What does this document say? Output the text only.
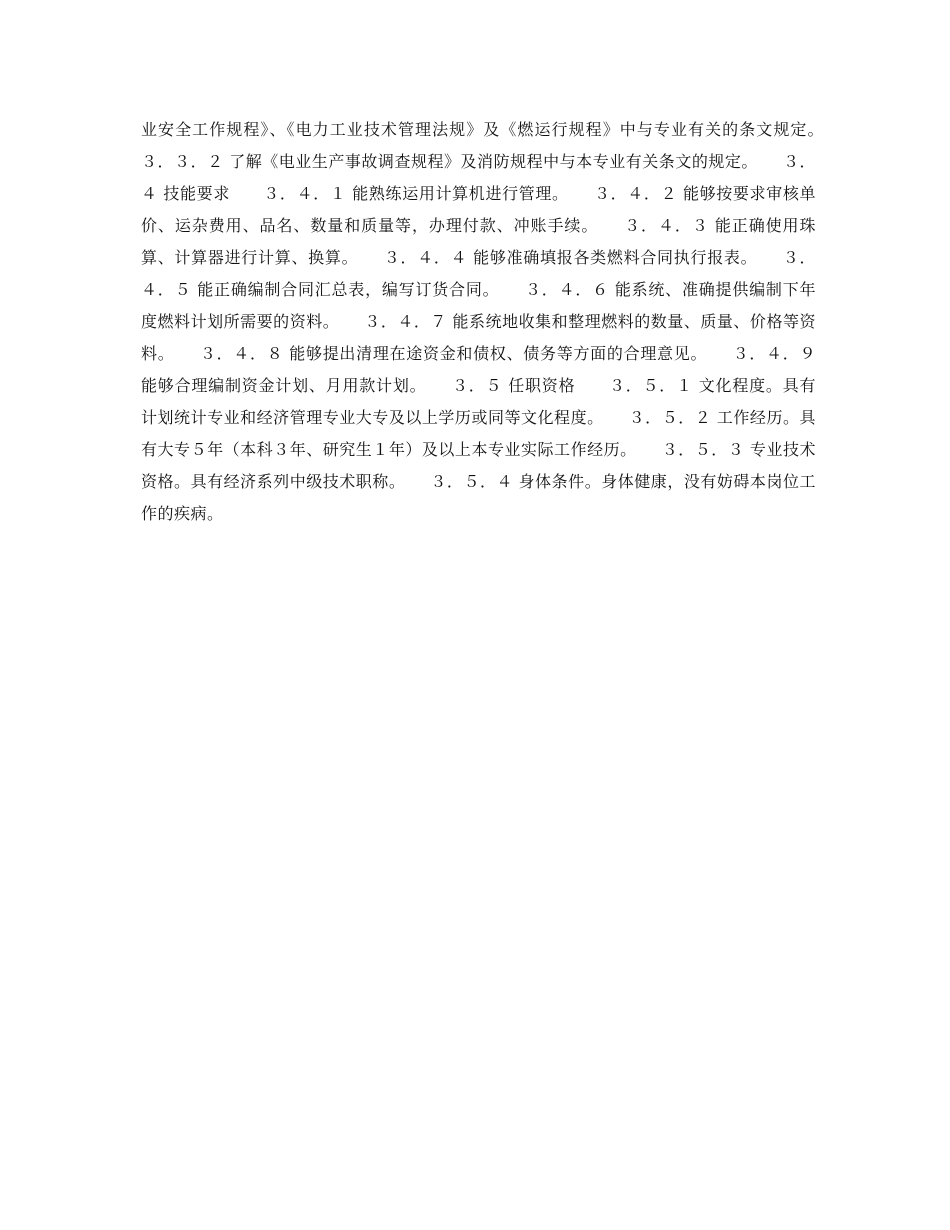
业安全工作规程》、《电力工业技术管理法规》及《燃运行规程》中与专业有关的条文规定。　　３．３．２ 了解《电业生产事故调查规程》及消防规程中与本专业有关条文的规定。　　３．４ 技能要求　　３．４．１ 能熟练运用计算机进行管理。　　３．４．２ 能够按要求审核单价、运杂费用、品名、数量和质量等，办理付款、冲账手续。　　３．４．３ 能正确使用珠算、计算器进行计算、换算。　　３．４．４ 能够准确填报各类燃料合同执行报表。　　３．４．５ 能正确编制合同汇总表，编写订货合同。　　３．４．６ 能系统、准确提供编制下年度燃料计划所需要的资料。　　３．４．７ 能系统地收集和整理燃料的数量、质量、价格等资料。　　３．４．８ 能够提出清理在途资金和债权、债务等方面的合理意见。　　３．４．９ 能够合理编制资金计划、月用款计划。　　３．５ 任职资格　　３．５．１ 文化程度。具有计划统计专业和经济管理专业大专及以上学历或同等文化程度。　　３．５．２ 工作经历。具有大专５年（本科３年、研究生１年）及以上本专业实际工作经历。　　３．５．３ 专业技术资格。具有经济系列中级技术职称。　　３．５．４ 身体条件。身体健康，没有妨碍本岗位工作的疾病。
